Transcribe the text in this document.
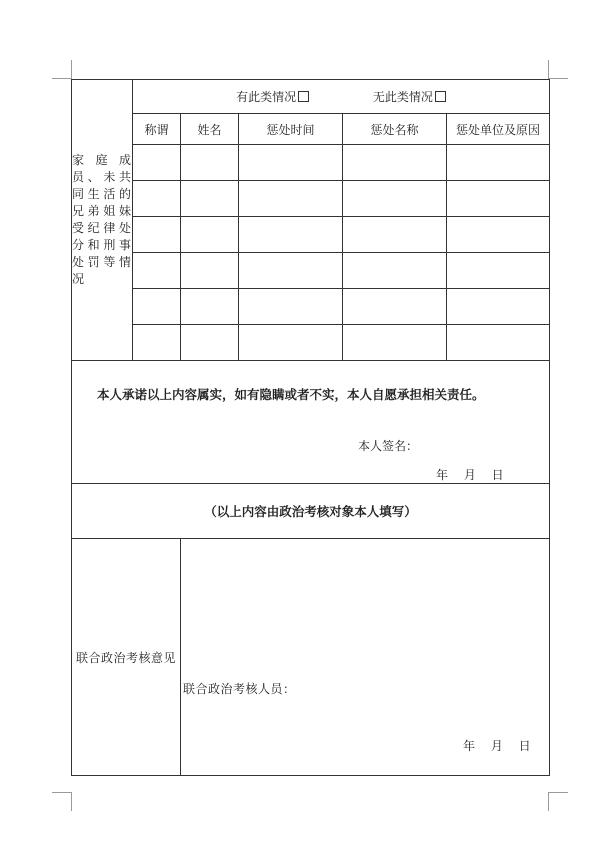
家庭成员、未共同生活的兄弟姐妹受纪律处分和刑事处罚等情况	有此类情况 无此类情况				
	称谓	姓名	惩处时间	惩处名称	惩处单位及原因

本人承诺以上内容属实，如有隐瞒或者不实，本人自愿承担相关责任。
本人签名：
年 月 日					

（以上内容由政治考核对象本人填写）					
联合政治考核意见		联合政治考核人员：
年 月 日			
